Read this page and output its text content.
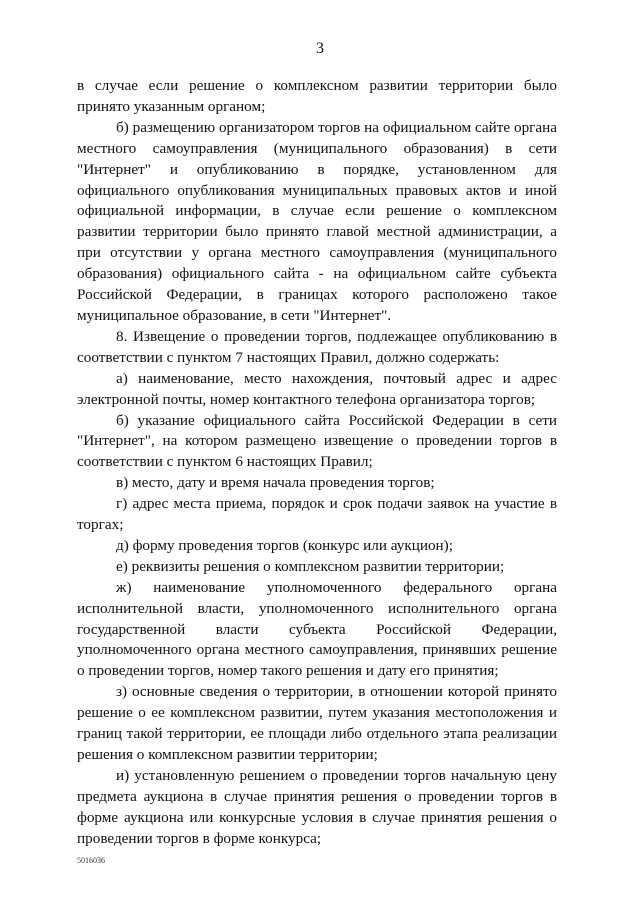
3

в случае если решение о комплексном развитии территории было принято указанным органом;

б) размещению организатором торгов на официальном сайте органа местного самоуправления (муниципального образования) в сети "Интернет" и опубликованию в порядке, установленном для официального опубликования муниципальных правовых актов и иной официальной информации, в случае если решение о комплексном развитии территории было принято главой местной администрации, а при отсутствии у органа местного самоуправления (муниципального образования) официального сайта - на официальном сайте субъекта Российской Федерации, в границах которого расположено такое муниципальное образование, в сети "Интернет".

8. Извещение о проведении торгов, подлежащее опубликованию в соответствии с пунктом 7 настоящих Правил, должно содержать:

а) наименование, место нахождения, почтовый адрес и адрес электронной почты, номер контактного телефона организатора торгов;

б) указание официального сайта Российской Федерации в сети "Интернет", на котором размещено извещение о проведении торгов в соответствии с пунктом 6 настоящих Правил;

в) место, дату и время начала проведения торгов;

г) адрес места приема, порядок и срок подачи заявок на участие в торгах;

д) форму проведения торгов (конкурс или аукцион);

е) реквизиты решения о комплексном развитии территории;

ж) наименование уполномоченного федерального органа исполнительной власти, уполномоченного исполнительного органа государственной власти субъекта Российской Федерации, уполномоченного органа местного самоуправления, принявших решение о проведении торгов, номер такого решения и дату его принятия;

з) основные сведения о территории, в отношении которой принято решение о ее комплексном развитии, путем указания местоположения и границ такой территории, ее площади либо отдельного этапа реализации решения о комплексном развитии территории;

и) установленную решением о проведении торгов начальную цену предмета аукциона в случае принятия решения о проведении торгов в форме аукциона или конкурсные условия в случае принятия решения о проведении торгов в форме конкурса;

5016036
